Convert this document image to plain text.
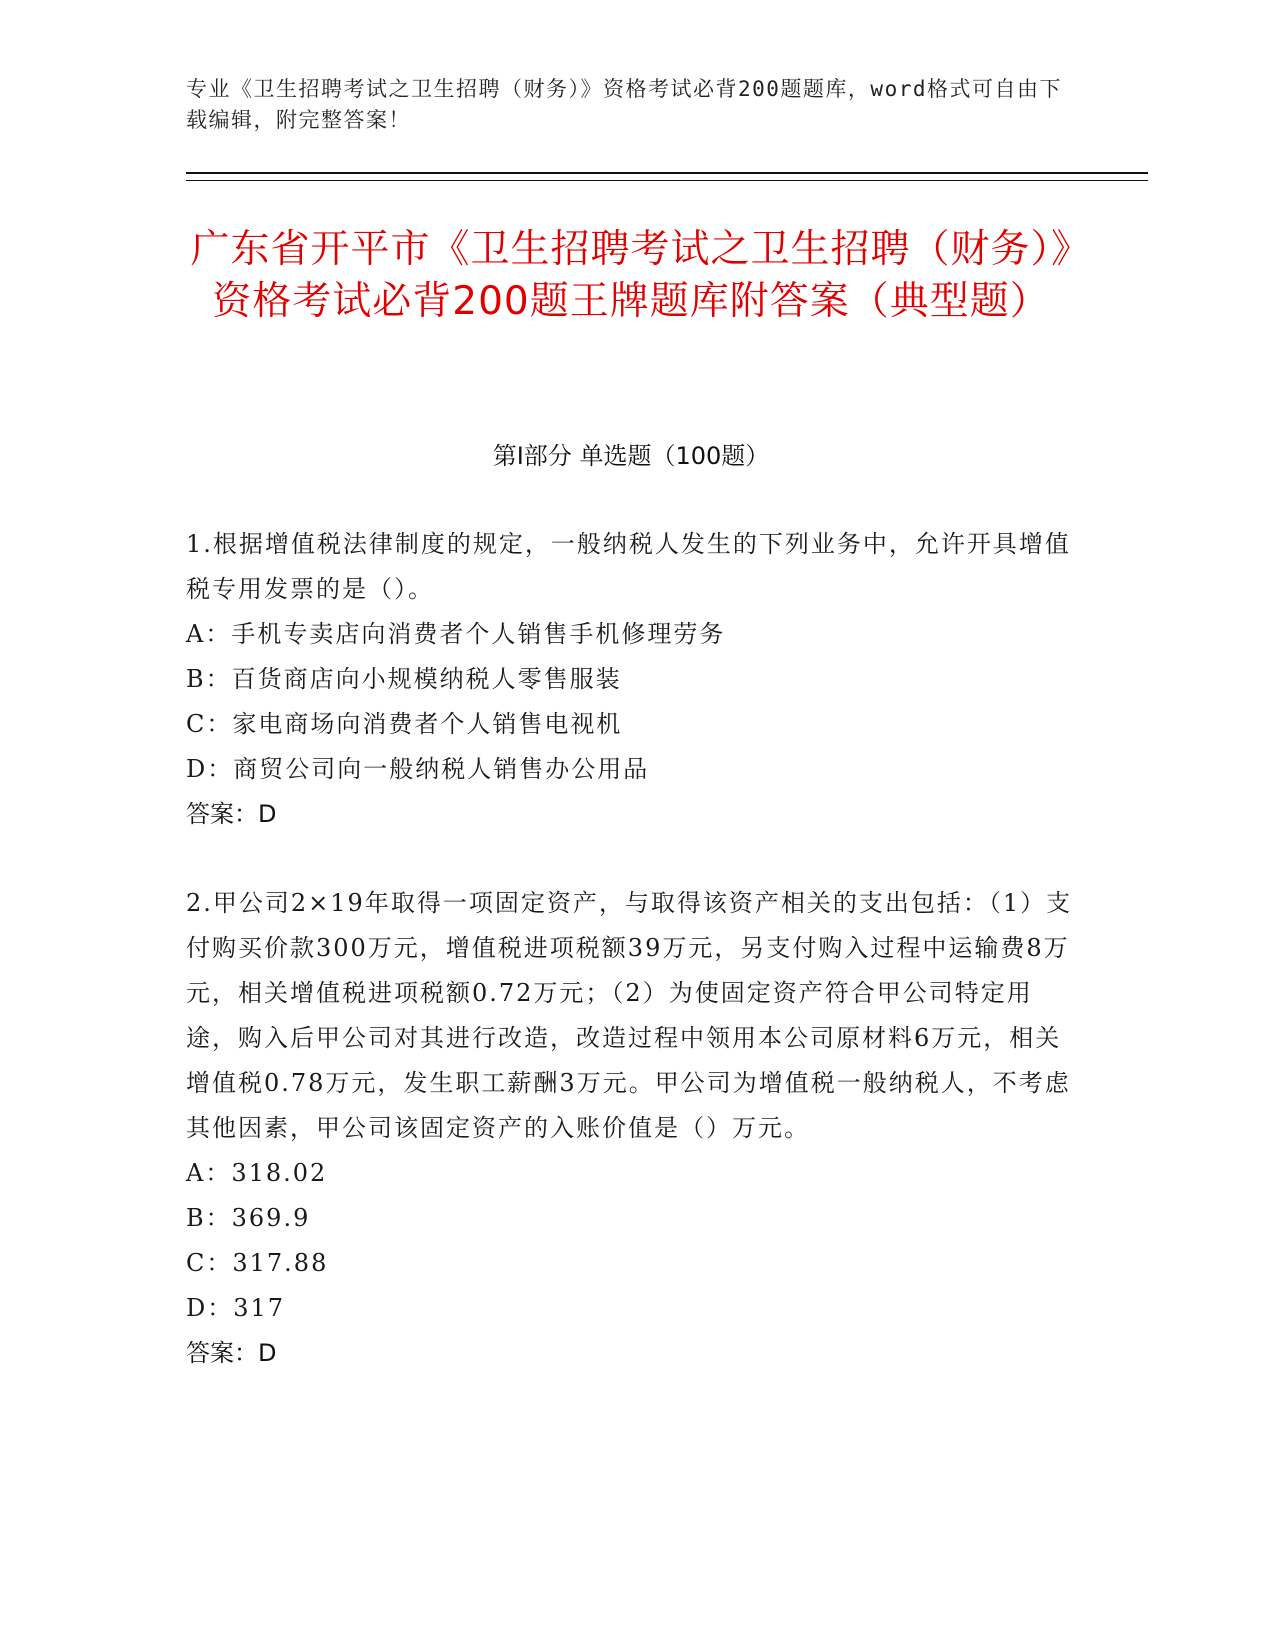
专业《卫生招聘考试之卫生招聘（财务）》资格考试必背200题题库，word格式可自由下载编辑，附完整答案！
广东省开平市《卫生招聘考试之卫生招聘（财务）》资格考试必背200题王牌题库附答案（典型题）
第I部分 单选题（100题）
1.根据增值税法律制度的规定，一般纳税人发生的下列业务中，允许开具增值税专用发票的是（）。
A：手机专卖店向消费者个人销售手机修理劳务
B：百货商店向小规模纳税人零售服装
C：家电商场向消费者个人销售电视机
D：商贸公司向一般纳税人销售办公用品
答案：D
2.甲公司2×19年取得一项固定资产，与取得该资产相关的支出包括：（1）支付购买价款300万元，增值税进项税额39万元，另支付购入过程中运输费8万元，相关增值税进项税额0.72万元；（2）为使固定资产符合甲公司特定用途，购入后甲公司对其进行改造，改造过程中领用本公司原材料6万元，相关增值税0.78万元，发生职工薪酬3万元。甲公司为增值税一般纳税人，不考虑其他因素，甲公司该固定资产的入账价值是（）万元。
A：318.02
B：369.9
C：317.88
D：317
答案：D
